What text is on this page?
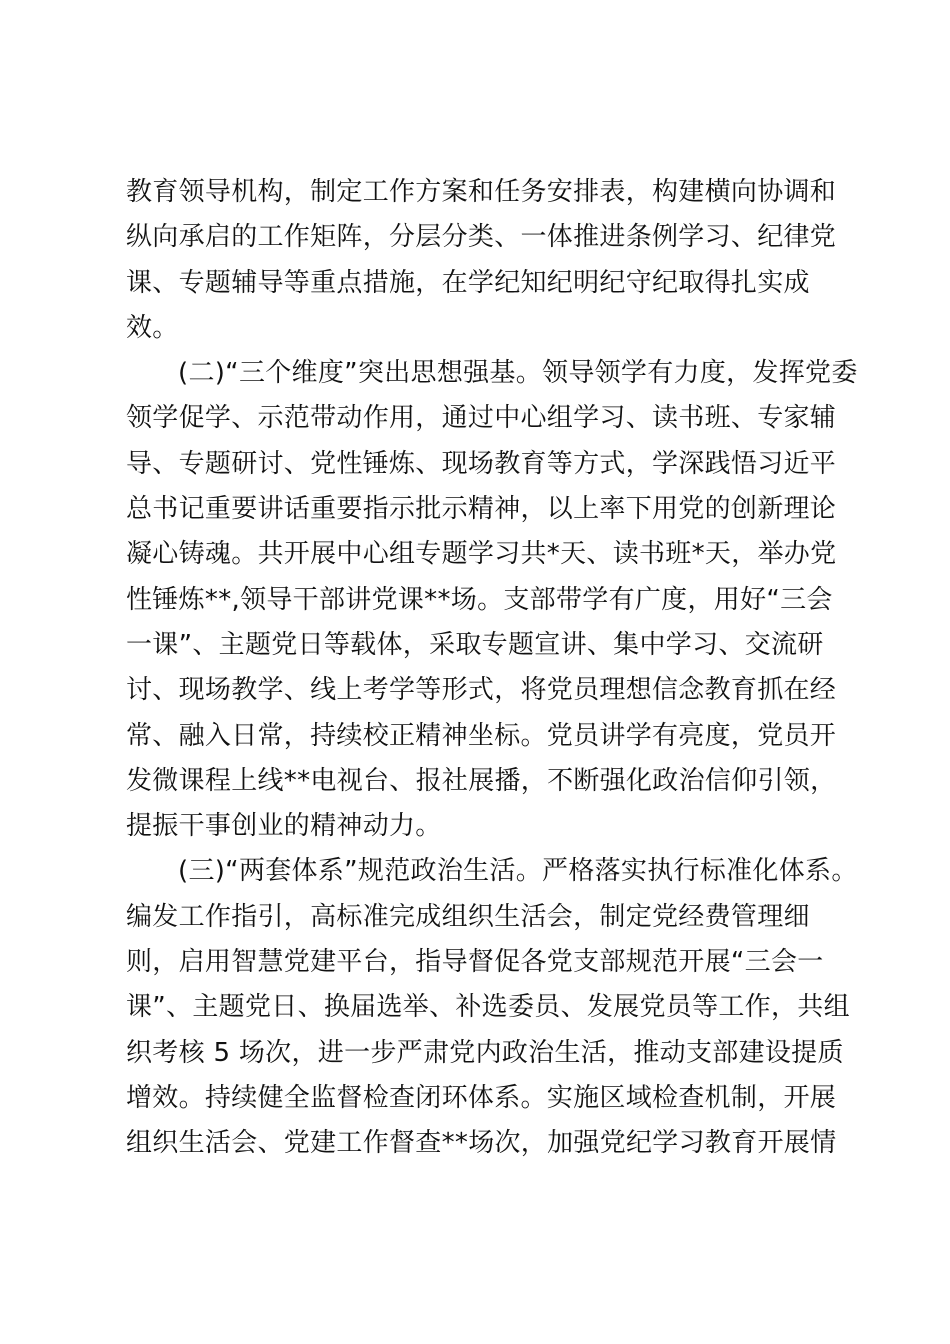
教育领导机构，制定工作方案和任务安排表，构建横向协调和
纵向承启的工作矩阵，分层分类、一体推进条例学习、纪律党
课、专题辅导等重点措施，在学纪知纪明纪守纪取得扎实成
效。
(二)“三个维度”突出思想强基。领导领学有力度，发挥党委
领学促学、示范带动作用，通过中心组学习、读书班、专家辅
导、专题研讨、党性锤炼、现场教育等方式，学深践悟习近平
总书记重要讲话重要指示批示精神，以上率下用党的创新理论
凝心铸魂。共开展中心组专题学习共*天、读书班*天，举办党
性锤炼**,领导干部讲党课**场。支部带学有广度，用好“三会
一课”、主题党日等载体，采取专题宣讲、集中学习、交流研
讨、现场教学、线上考学等形式，将党员理想信念教育抓在经
常、融入日常，持续校正精神坐标。党员讲学有亮度，党员开
发微课程上线**电视台、报社展播，不断强化政治信仰引领，
提振干事创业的精神动力。
(三)“两套体系”规范政治生活。严格落实执行标准化体系。
编发工作指引，高标准完成组织生活会，制定党经费管理细
则，启用智慧党建平台，指导督促各党支部规范开展“三会一
课”、主题党日、换届选举、补选委员、发展党员等工作，共组
织考核 5 场次，进一步严肃党内政治生活，推动支部建设提质
增效。持续健全监督检查闭环体系。实施区域检查机制，开展
组织生活会、党建工作督查**场次，加强党纪学习教育开展情
